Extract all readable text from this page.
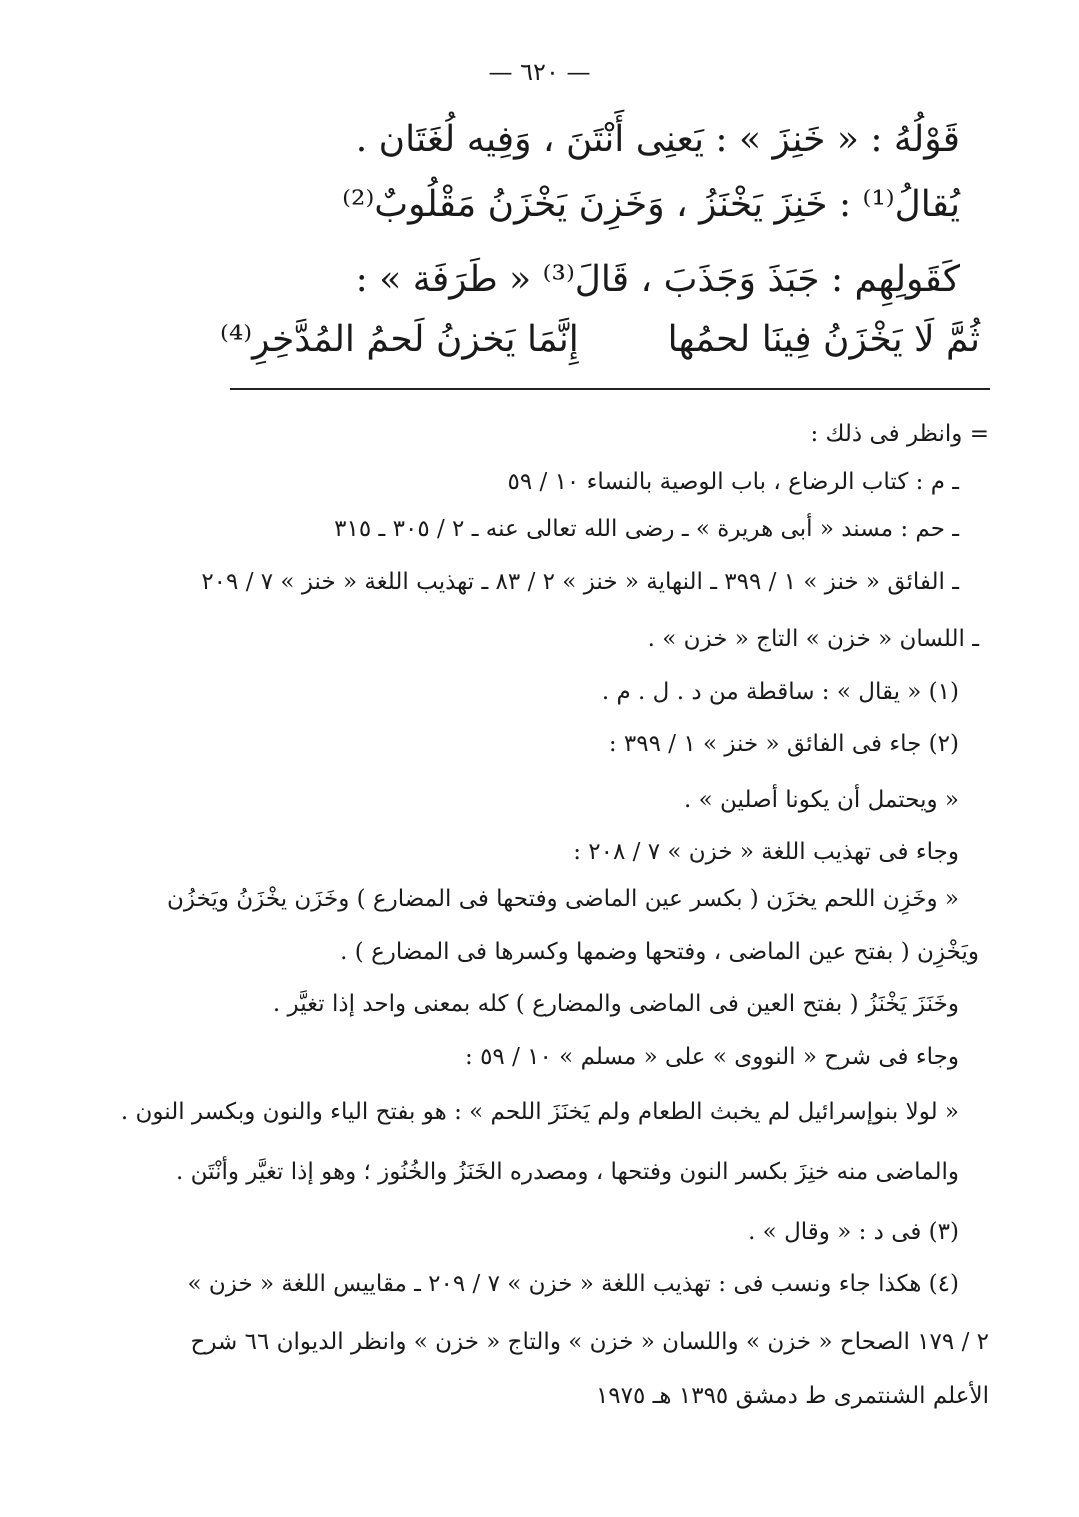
— ٦٢٠ —
قَوْلُهُ : « خَنِزَ » : يَعنِى أَنْتَنَ ، وَفِيه لُغَتَان .
يُقالُ⁽¹⁾ : خَنِزَ يَخْنَزُ ، وَخَزِنَ يَخْزَنُ مَقْلُوبٌ⁽²⁾
كَقَولِهِم : جَبَذَ وَجَذَبَ ، قَالَ⁽³⁾ « طَرَفَة » :
ثُمَّ لَا يَخْزَنُ فِينَا لحمُها
إِنَّمَا يَخزنُ لَحمُ المُدَّخِرِ⁽⁴⁾
= وانظر فى ذلك :
ـ م : كتاب الرضاع ، باب الوصية بالنساء ١٠ / ٥٩
ـ حم : مسند « أبى هريرة » ـ رضى الله تعالى عنه ـ ٢ / ٣٠٥ ـ ٣١٥
ـ الفائق « خنز » ١ / ٣٩٩ ـ النهاية « خنز » ٢ / ٨٣ ـ تهذيب اللغة « خنز » ٧ / ٢٠٩
ـ اللسان « خزن » التاج « خزن » .
(١) « يقال » : ساقطة من د . ل . م .
(٢) جاء فى الفائق « خنز » ١ / ٣٩٩ :
« ويحتمل أن يكونا أصلين » .
وجاء فى تهذيب اللغة « خزن » ٧ / ٢٠٨ :
« وخَزِن اللحم يخزَن ( بكسر عين الماضى وفتحها فى المضارع ) وخَزَن يخْزَنُ ويَخزُن
ويَخْزِن ( بفتح عين الماضى ، وفتحها وضمها وكسرها فى المضارع ) .
وخَنَزَ يَخْنَزُ ( بفتح العين فى الماضى والمضارع ) كله بمعنى واحد إذا تغيَّر .
وجاء فى شرح « النووى » على « مسلم » ١٠ / ٥٩ :
« لولا بنوإسرائيل لم يخبث الطعام ولم يَخنَزَ اللحم » : هو بفتح الياء والنون وبكسر النون .
والماضى منه خنِزَ بكسر النون وفتحها ، ومصدره الخَنَزُ والخُنُوز ؛ وهو إذا تغيَّر وأنْتَن .
(٣) فى د : « وقال » .
(٤) هكذا جاء ونسب فى : تهذيب اللغة « خزن » ٧ / ٢٠٩ ـ مقاييس اللغة « خزن »
٢ / ١٧٩ الصحاح « خزن » واللسان « خزن » والتاج « خزن » وانظر الديوان ٦٦ شرح
الأعلم الشنتمرى ط دمشق ١٣٩٥ هـ ١٩٧٥
